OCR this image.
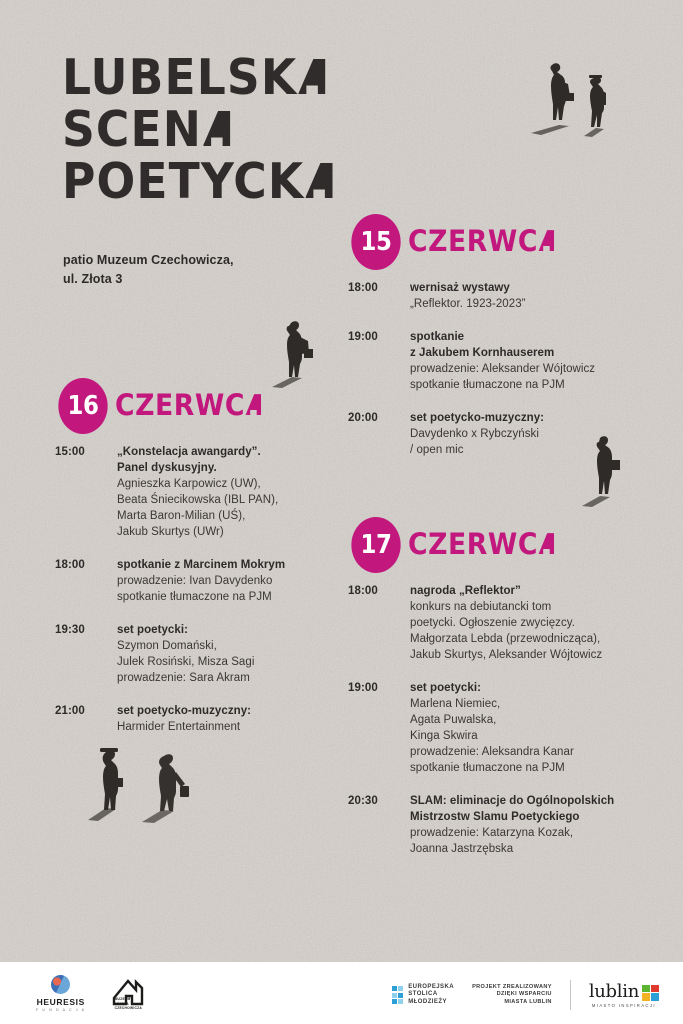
LUBELSK
SCEN
POETYCK
patio Muzeum Czechowicza,
ul. Złota 3
15 CZERWC
18:00	wernisaż wystawy
„Reflektor. 1923-2023”
19:00	spotkanie
z Jakubem Kornhauserem
prowadzenie: Aleksander Wójtowicz
spotkanie tłumaczone na PJM
20:00	set poetycko-muzyczny:
Davydenko x Rybczyński
/ open mic
16 CZERWC
15:00	„Konstelacja awangardy”.
Panel dyskusyjny.
Agnieszka Karpowicz (UW),
Beata Śniecikowska (IBL PAN),
Marta Baron-Milian (UŚ),
Jakub Skurtys (UWr)
18:00	spotkanie z Marcinem Mokrym
prowadzenie: Ivan Davydenko
spotkanie tłumaczone na PJM
19:30	set poetycki:
Szymon Domański,
Julek Rosiński, Misza Sagi
prowadzenie: Sara Akram
21:00	set poetycko-muzyczny:
Harmider Entertainment
17 CZERWC
18:00	nagroda „Reflektor”
konkurs na debiutancki tom
poetycki. Ogłoszenie zwycięzcy.
Małgorzata Lebda (przewodnicząca),
Jakub Skurtys, Aleksander Wójtowicz
19:00	set poetycki:
Marlena Niemiec,
Agata Puwalska,
Kinga Skwira
prowadzenie: Aleksandra Kanar
spotkanie tłumaczone na PJM
20:30	SLAM: eliminacje do Ogólnopolskich
Mistrzostw Slamu Poetyckiego
prowadzenie: Katarzyna Kozak,
Joanna Jastrzębska
HEURESIS
F U N D A C J A
MUZEUM
JÓZEFA
CZECHOWICZA
EUROPEJSKA
STOLICA
MŁODZIEŻY
PROJEKT ZREALIZOWANY
DZIĘKI WSPARCIU
MIASTA LUBLIN
lublin
MIASTO INSPIRACJI
